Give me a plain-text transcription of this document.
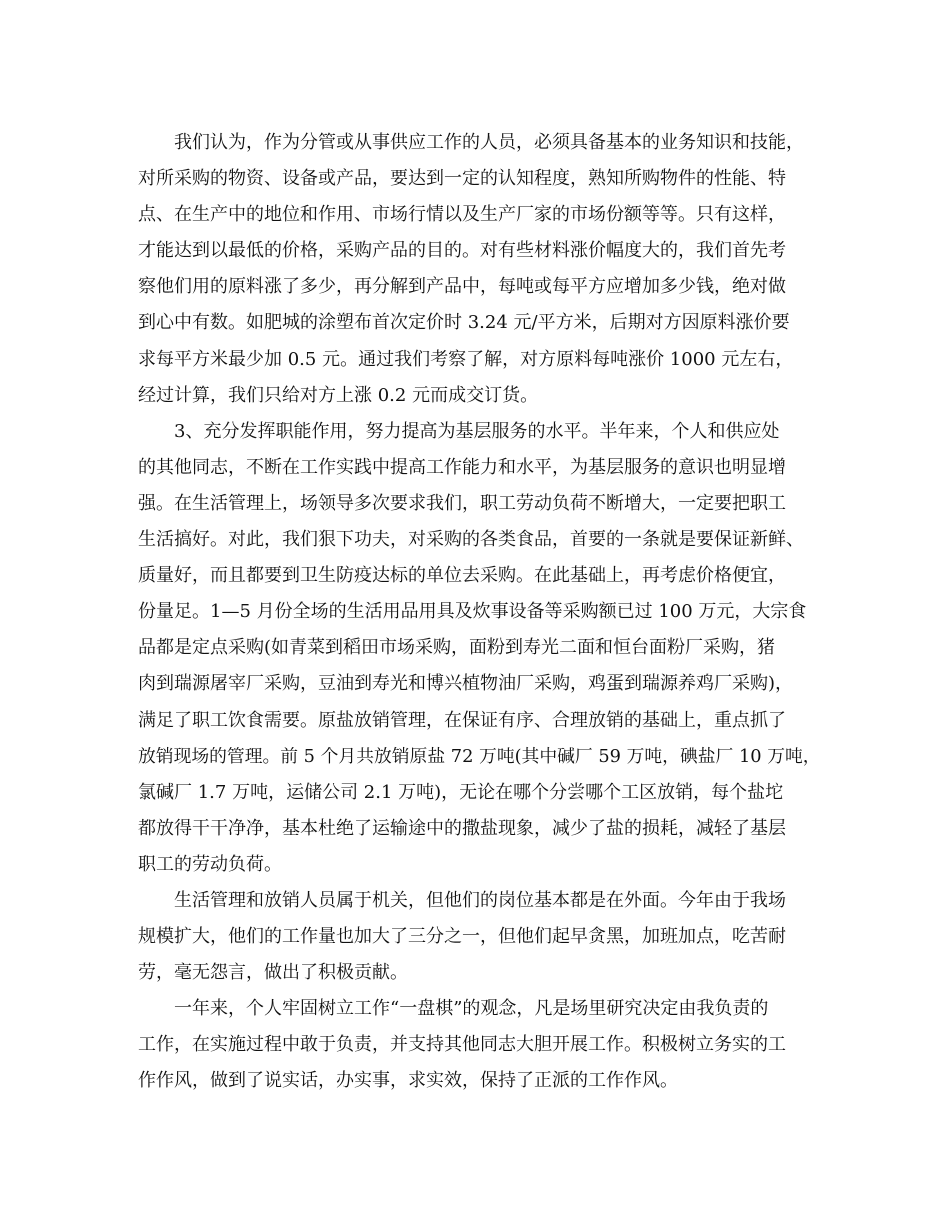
我们认为，作为分管或从事供应工作的人员，必须具备基本的业务知识和技能，
对所采购的物资、设备或产品，要达到一定的认知程度，熟知所购物件的性能、特
点、在生产中的地位和作用、市场行情以及生产厂家的市场份额等等。只有这样，
才能达到以最低的价格，采购产品的目的。对有些材料涨价幅度大的，我们首先考
察他们用的原料涨了多少，再分解到产品中，每吨或每平方应增加多少钱，绝对做
到心中有数。如肥城的涂塑布首次定价时 3.24 元/平方米，后期对方因原料涨价要
求每平方米最少加 0.5 元。通过我们考察了解，对方原料每吨涨价 1000 元左右，
经过计算，我们只给对方上涨 0.2 元而成交订货。
3、充分发挥职能作用，努力提高为基层服务的水平。半年来，个人和供应处
的其他同志，不断在工作实践中提高工作能力和水平，为基层服务的意识也明显增
强。在生活管理上，场领导多次要求我们，职工劳动负荷不断增大，一定要把职工
生活搞好。对此，我们狠下功夫，对采购的各类食品，首要的一条就是要保证新鲜、
质量好，而且都要到卫生防疫达标的单位去采购。在此基础上，再考虑价格便宜，
份量足。1—5 月份全场的生活用品用具及炊事设备等采购额已过 100 万元，大宗食
品都是定点采购(如青菜到稻田市场采购，面粉到寿光二面和恒台面粉厂采购，猪
肉到瑞源屠宰厂采购，豆油到寿光和博兴植物油厂采购，鸡蛋到瑞源养鸡厂采购)，
满足了职工饮食需要。原盐放销管理，在保证有序、合理放销的基础上，重点抓了
放销现场的管理。前 5 个月共放销原盐 72 万吨(其中碱厂 59 万吨，碘盐厂 10 万吨，
氯碱厂 1.7 万吨，运储公司 2.1 万吨)，无论在哪个分尝哪个工区放销，每个盐坨
都放得干干净净，基本杜绝了运输途中的撒盐现象，减少了盐的损耗，减轻了基层
职工的劳动负荷。
生活管理和放销人员属于机关，但他们的岗位基本都是在外面。今年由于我场
规模扩大，他们的工作量也加大了三分之一，但他们起早贪黑，加班加点，吃苦耐
劳，毫无怨言，做出了积极贡献。
一年来，个人牢固树立工作“一盘棋”的观念，凡是场里研究决定由我负责的
工作，在实施过程中敢于负责，并支持其他同志大胆开展工作。积极树立务实的工
作作风，做到了说实话，办实事，求实效，保持了正派的工作作风。
